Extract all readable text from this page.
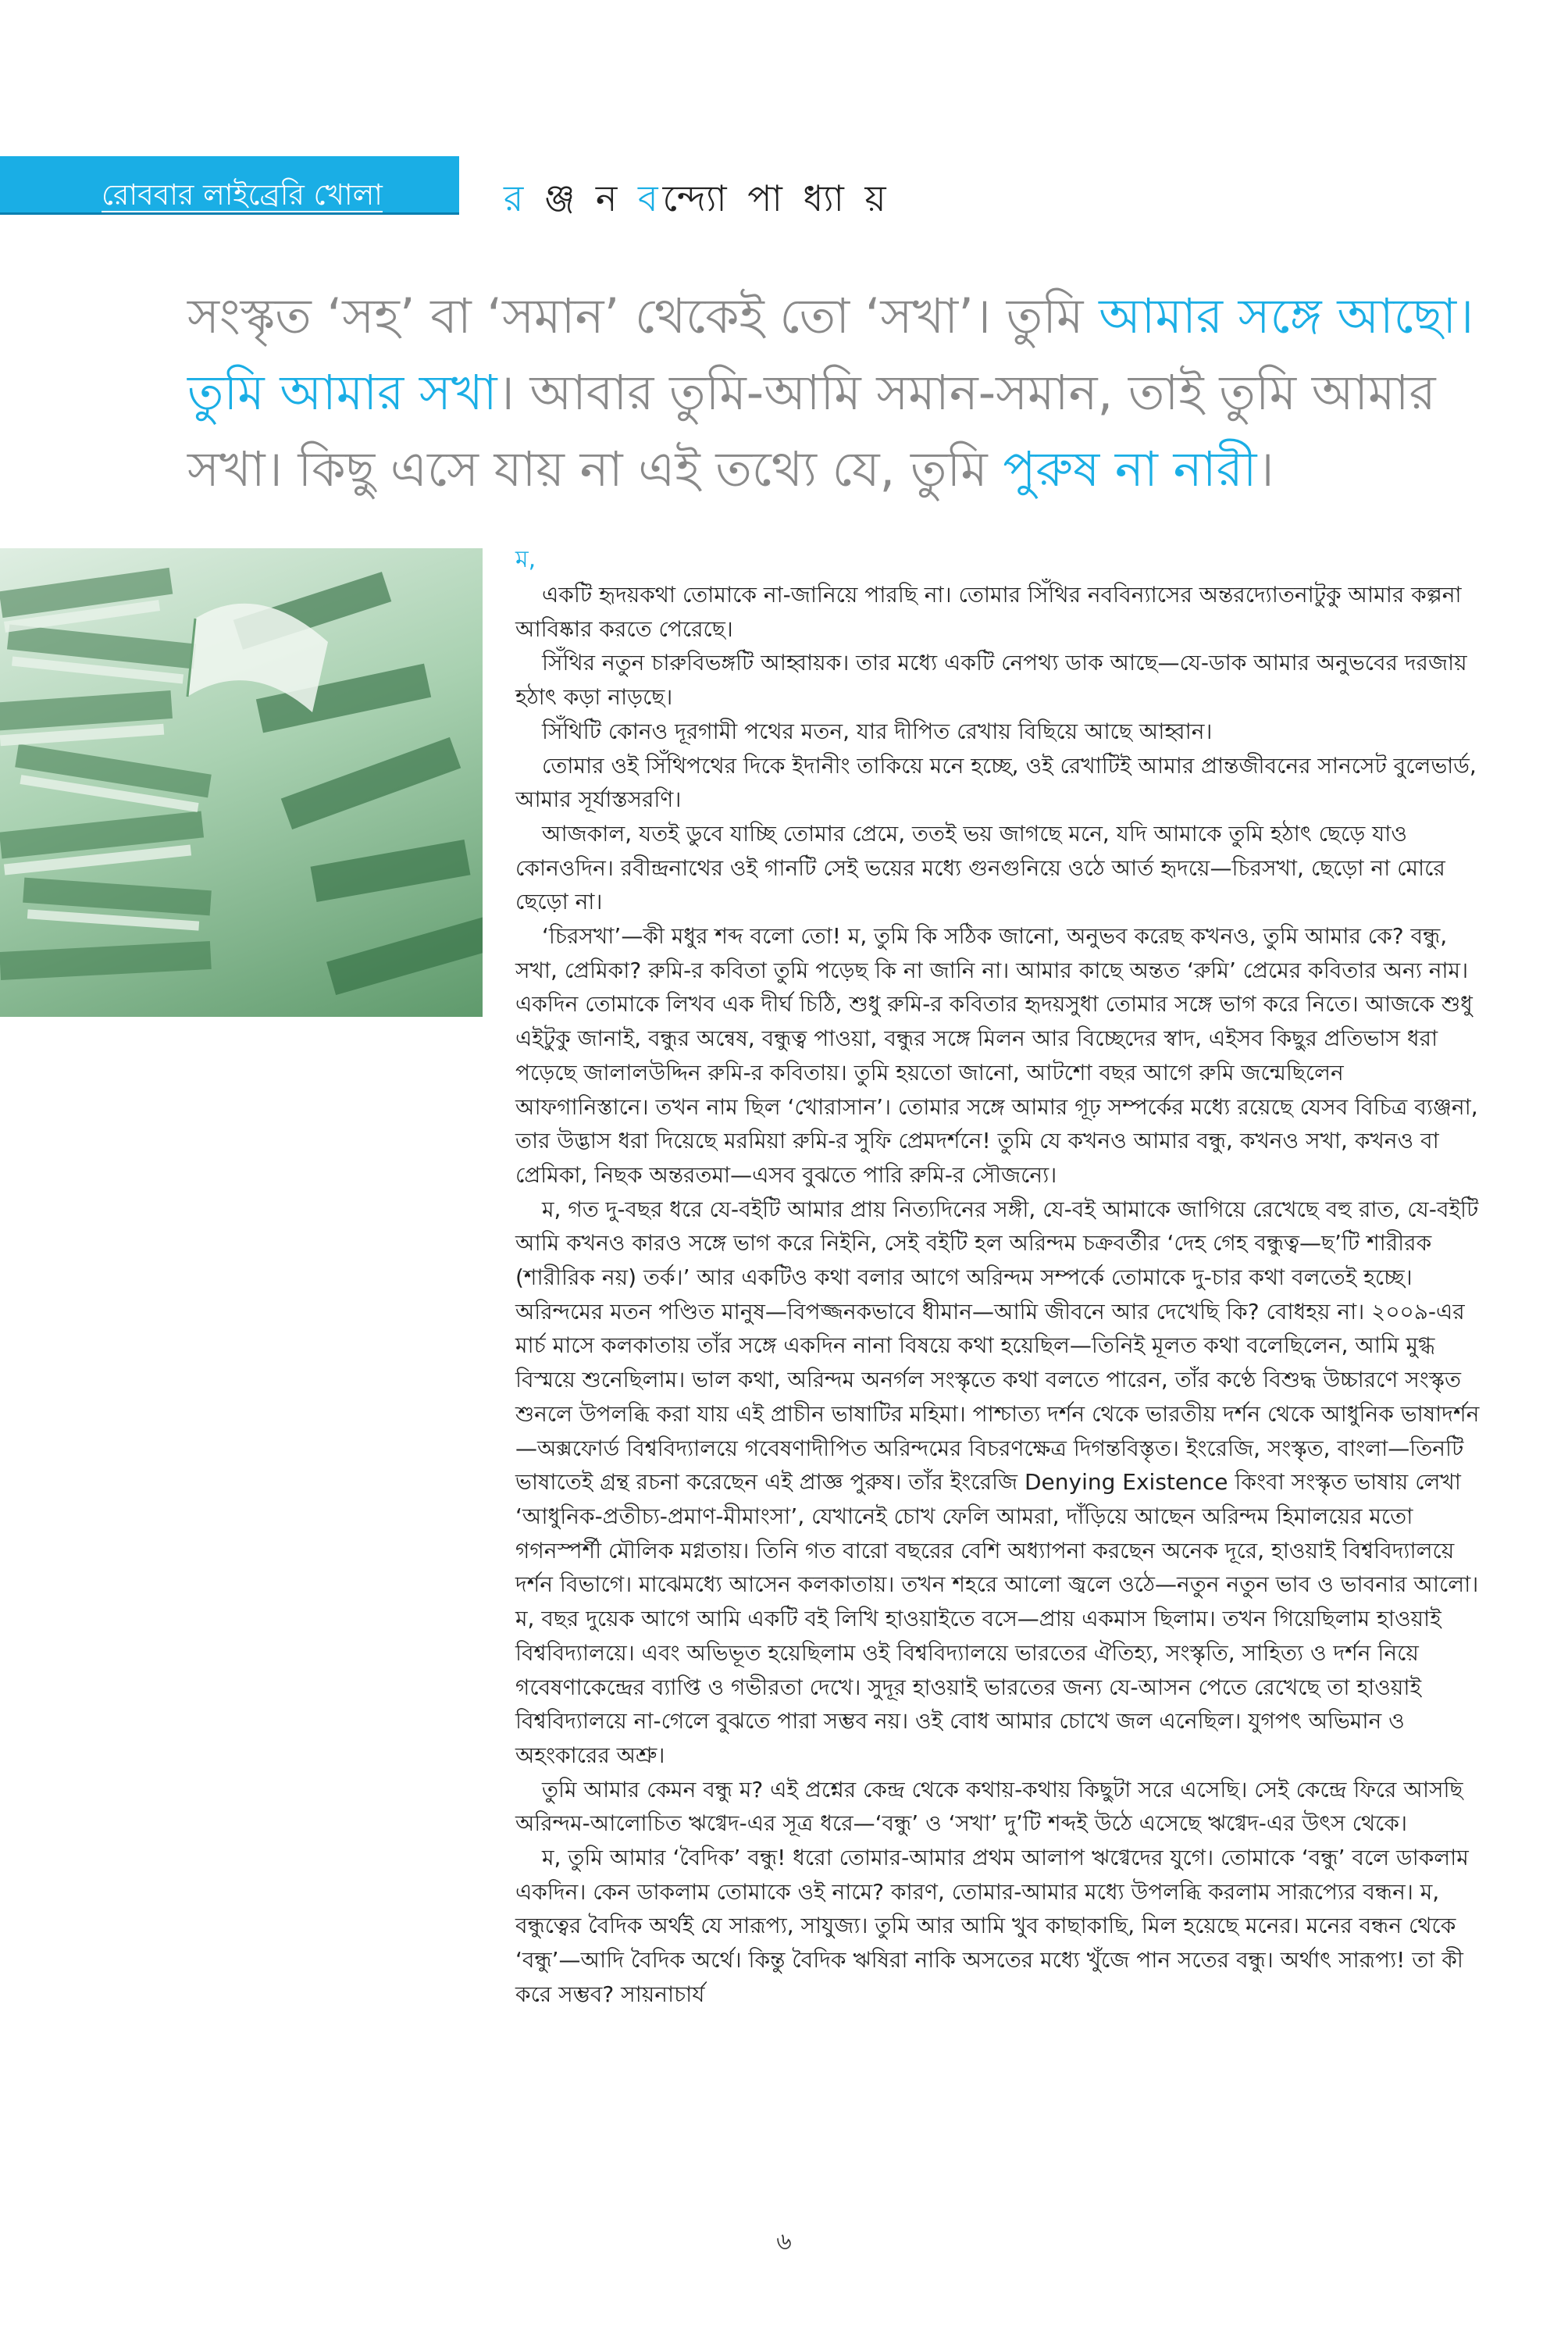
রোববার লাইব্রেরি খোলা	র ঞ্জ ন বন্দ্যো পা ধ্যা য়

সংস্কৃত ‘সহ’ বা ‘সমান’ থেকেই তো ‘সখা’। তুমি আমার সঙ্গে আছো।

তুমি আমার সখা। আবার তুমি-আমি সমান-সমান, তাই তুমি আমার

সখা। কিছু এসে যায় না এই তথ্যে যে, তুমি পুরুষ না নারী।

ম,

একটি হৃদয়কথা তোমাকে না-জানিয়ে পারছি না। তোমার সিঁথির নববিন্যাসের অন্তরদ্যোতনাটুকু আমার কল্পনা আবিষ্কার করতে পেরেছে।

সিঁথির নতুন চারুবিভঙ্গটি আহ্বায়ক। তার মধ্যে একটি নেপথ্য ডাক আছে—যে-ডাক আমার অনুভবের দরজায় হঠাৎ কড়া নাড়ছে।

সিঁথিটি কোনও দূরগামী পথের মতন, যার দীপিত রেখায় বিছিয়ে আছে আহ্বান।

তোমার ওই সিঁথিপথের দিকে ইদানীং তাকিয়ে মনে হচ্ছে, ওই রেখাটিই আমার প্রান্তজীবনের সানসেট বুলেভার্ড, আমার সূর্যাস্তসরণি।

আজকাল, যতই ডুবে যাচ্ছি তোমার প্রেমে, ততই ভয় জাগছে মনে, যদি আমাকে তুমি হঠাৎ ছেড়ে যাও কোনওদিন। রবীন্দ্রনাথের ওই গানটি সেই ভয়ের মধ্যে গুনগুনিয়ে ওঠে আর্ত হৃদয়ে—চিরসখা, ছেড়ো না মোরে ছেড়ো না।

‘চিরসখা’—কী মধুর শব্দ বলো তো! ম, তুমি কি সঠিক জানো, অনুভব করেছ কখনও, তুমি আমার কে? বন্ধু, সখা, প্রেমিকা? রুমি-র কবিতা তুমি পড়েছ কি না জানি না। আমার কাছে অন্তত ‘রুমি’ প্রেমের কবিতার অন্য নাম। একদিন তোমাকে লিখব এক দীর্ঘ চিঠি, শুধু রুমি-র কবিতার হৃদয়সুধা তোমার সঙ্গে ভাগ করে নিতে। আজকে শুধু এইটুকু জানাই, বন্ধুর অন্বেষ, বন্ধুত্ব পাওয়া, বন্ধুর সঙ্গে মিলন আর বিচ্ছেদের স্বাদ, এইসব কিছুর প্রতিভাস ধরা পড়েছে জালালউদ্দিন রুমি-র কবিতায়। তুমি হয়তো জানো, আটশো বছর আগে রুমি জন্মেছিলেন আফগানিস্তানে। তখন নাম ছিল ‘খোরাসান’। তোমার সঙ্গে আমার গূঢ় সম্পর্কের মধ্যে রয়েছে যেসব বিচিত্র ব্যঞ্জনা, তার উদ্ভাস ধরা দিয়েছে মরমিয়া রুমি-র সুফি প্রেমদর্শনে! তুমি যে কখনও আমার বন্ধু, কখনও সখা, কখনও বা প্রেমিকা, নিছক অন্তরতমা—এসব বুঝতে পারি রুমি-র সৌজন্যে।

ম, গত দু-বছর ধরে যে-বইটি আমার প্রায় নিত্যদিনের সঙ্গী, যে-বই আমাকে জাগিয়ে রেখেছে বহু রাত, যে-বইটি আমি কখনও কারও সঙ্গে ভাগ করে নিইনি, সেই বইটি হল অরিন্দম চক্রবর্তীর ‘দেহ গেহ বন্ধুত্ব—ছ’টি শারীরক (শারীরিক নয়) তর্ক।’ আর একটিও কথা বলার আগে অরিন্দম সম্পর্কে তোমাকে দু-চার কথা বলতেই হচ্ছে। অরিন্দমের মতন পণ্ডিত মানুষ—বিপজ্জনকভাবে ধীমান—আমি জীবনে আর দেখেছি কি? বোধহয় না। ২০০৯-এর মার্চ মাসে কলকাতায় তাঁর সঙ্গে একদিন নানা বিষয়ে কথা হয়েছিল—তিনিই মূলত কথা বলেছিলেন, আমি মুগ্ধ বিস্ময়ে শুনেছিলাম। ভাল কথা, অরিন্দম অনর্গল সংস্কৃতে কথা বলতে পারেন, তাঁর কণ্ঠে বিশুদ্ধ উচ্চারণে সংস্কৃত শুনলে উপলব্ধি করা যায় এই প্রাচীন ভাষাটির মহিমা। পাশ্চাত্য দর্শন থেকে ভারতীয় দর্শন থেকে আধুনিক ভাষাদর্শন—অক্সফোর্ড বিশ্ববিদ্যালয়ে গবেষণাদীপিত অরিন্দমের বিচরণক্ষেত্র দিগন্তবিস্তৃত। ইংরেজি, সংস্কৃত, বাংলা—তিনটি ভাষাতেই গ্রন্থ রচনা করেছেন এই প্রাজ্ঞ পুরুষ। তাঁর ইংরেজি Denying Existence কিংবা সংস্কৃত ভাষায় লেখা ‘আধুনিক-প্রতীচ্য-প্রমাণ-মীমাংসা’, যেখানেই চোখ ফেলি আমরা, দাঁড়িয়ে আছেন অরিন্দম হিমালয়ের মতো গগনস্পর্শী মৌলিক মগ্নতায়। তিনি গত বারো বছরের বেশি অধ্যাপনা করছেন অনেক দূরে, হাওয়াই বিশ্ববিদ্যালয়ে দর্শন বিভাগে। মাঝেমধ্যে আসেন কলকাতায়। তখন শহরে আলো জ্বলে ওঠে—নতুন নতুন ভাব ও ভাবনার আলো। ম, বছর দুয়েক আগে আমি একটি বই লিখি হাওয়াইতে বসে—প্রায় একমাস ছিলাম। তখন গিয়েছিলাম হাওয়াই বিশ্ববিদ্যালয়ে। এবং অভিভূত হয়েছিলাম ওই বিশ্ববিদ্যালয়ে ভারতের ঐতিহ্য, সংস্কৃতি, সাহিত্য ও দর্শন নিয়ে গবেষণাকেন্দ্রের ব্যাপ্তি ও গভীরতা দেখে। সুদূর হাওয়াই ভারতের জন্য যে-আসন পেতে রেখেছে তা হাওয়াই বিশ্ববিদ্যালয়ে না-গেলে বুঝতে পারা সম্ভব নয়। ওই বোধ আমার চোখে জল এনেছিল। যুগপৎ অভিমান ও অহংকারের অশ্রু।

তুমি আমার কেমন বন্ধু ম? এই প্রশ্নের কেন্দ্র থেকে কথায়-কথায় কিছুটা সরে এসেছি। সেই কেন্দ্রে ফিরে আসছি অরিন্দম-আলোচিত ঋগ্বেদ-এর সূত্র ধরে—‘বন্ধু’ ও ‘সখা’ দু’টি শব্দই উঠে এসেছে ঋগ্বেদ-এর উৎস থেকে।

ম, তুমি আমার ‘বৈদিক’ বন্ধু! ধরো তোমার-আমার প্রথম আলাপ ঋগ্বেদের যুগে। তোমাকে ‘বন্ধু’ বলে ডাকলাম একদিন। কেন ডাকলাম তোমাকে ওই নামে? কারণ, তোমার-আমার মধ্যে উপলব্ধি করলাম সারূপ্যের বন্ধন। ম, বন্ধুত্বের বৈদিক অর্থই যে সারূপ্য, সাযুজ্য। তুমি আর আমি খুব কাছাকাছি, মিল হয়েছে মনের। মনের বন্ধন থেকে ‘বন্ধু’—আদি বৈদিক অর্থে। কিন্তু বৈদিক ঋষিরা নাকি অসতের মধ্যে খুঁজে পান সতের বন্ধু। অর্থাৎ সারূপ্য! তা কী করে সম্ভব? সায়নাচার্য

৬
